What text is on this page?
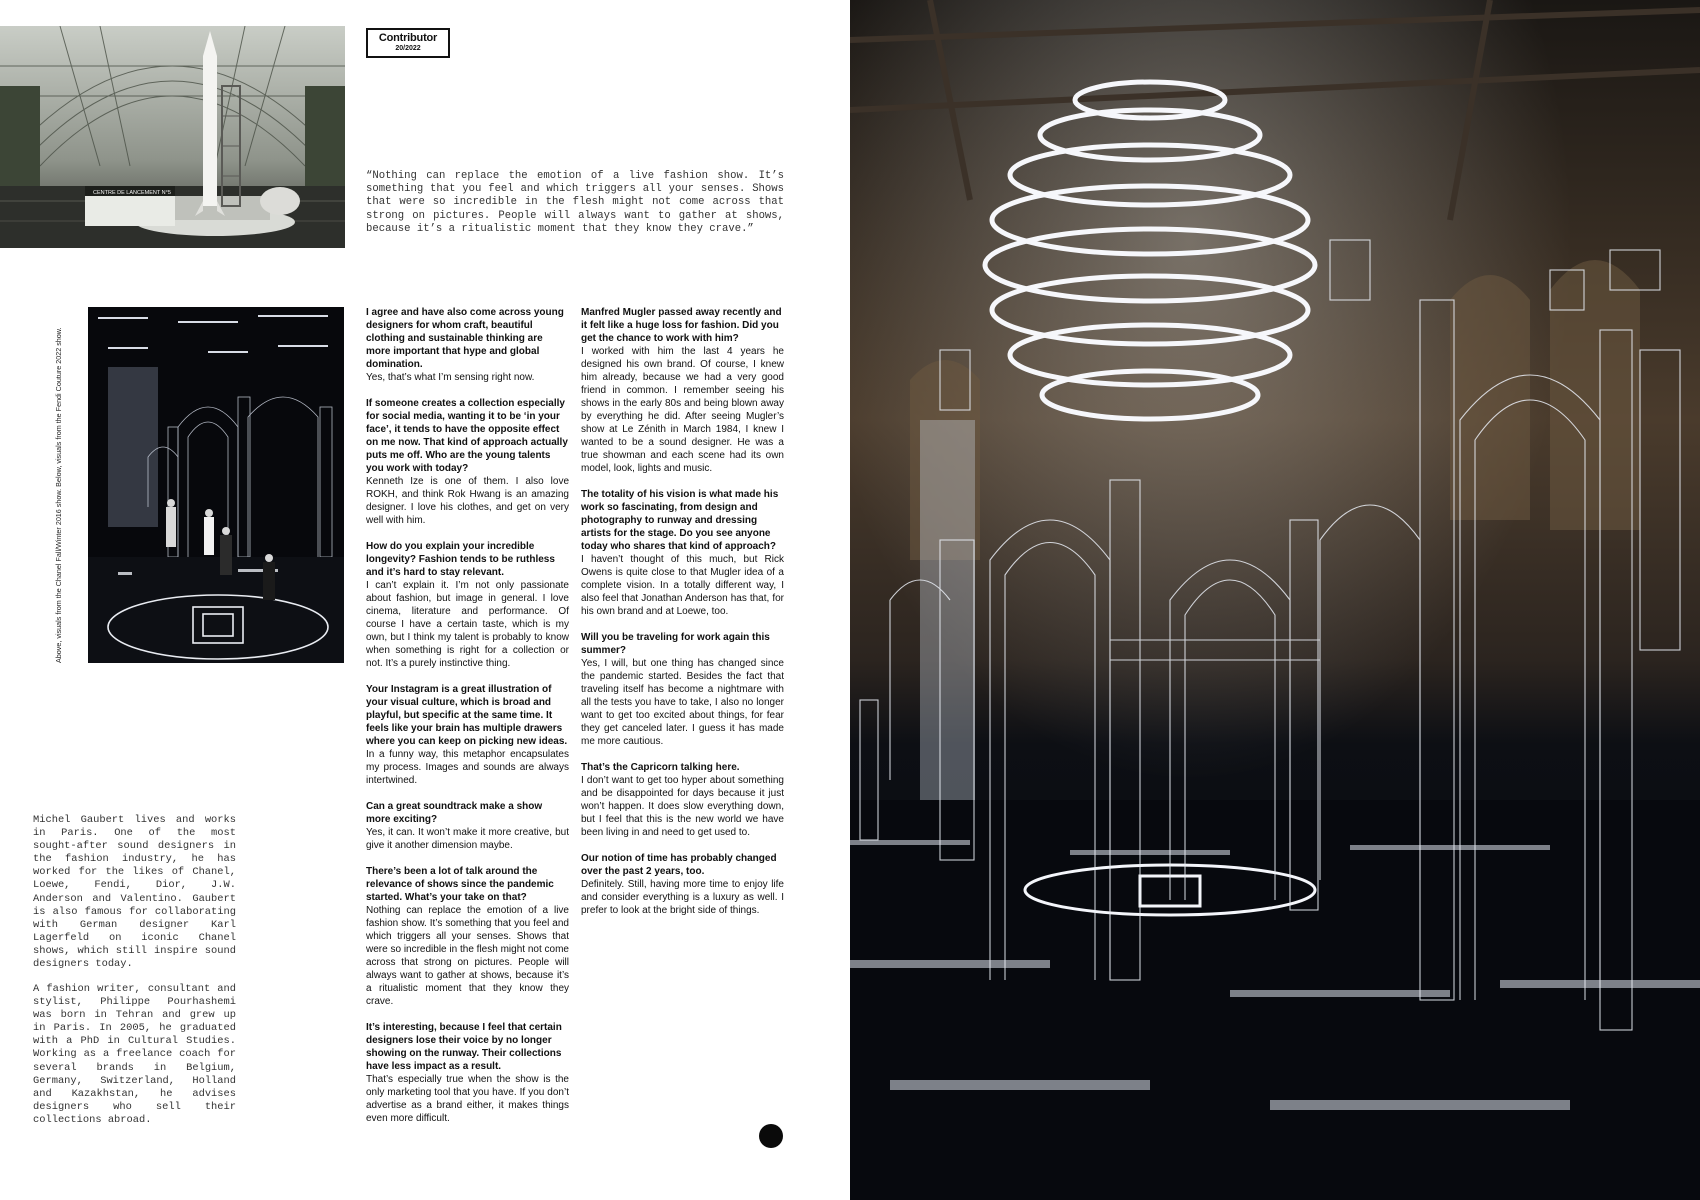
CENTRE DE LANCEMENT N°5
Contributor
20/2022
“Nothing can replace the emotion of a live fashion show. It’s something that you feel and which triggers all your senses. Shows that were so incredible in the flesh might not come across that strong on pictures. People will always want to gather at shows, because it’s a ritualistic moment that they know they crave.”
Above, visuals from the Chanel Fall/Winter 2016 show. Below, visuals from the Fendi Couture 2022 show.
I agree and have also come across young designers for whom craft, beautiful clothing and sustainable thinking are more important that hype and global domination.
Yes, that’s what I’m sensing right now.
If someone creates a collection especially for social media, wanting it to be ‘in your face’, it tends to have the opposite effect on me now. That kind of approach actually puts me off. Who are the young talents you work with today?
Kenneth Ize is one of them. I also love ROKH, and think Rok Hwang is an amazing designer. I love his clothes, and get on very well with him.
How do you explain your incredible longevity? Fashion tends to be ruthless and it’s hard to stay relevant.
I can’t explain it. I’m not only passionate about fashion, but image in general. I love cinema, literature and performance. Of course I have a certain taste, which is my own, but I think my talent is probably to know when something is right for a collection or not. It’s a purely instinctive thing.
Your Instagram is a great illustration of your visual culture, which is broad and playful, but specific at the same time. It feels like your brain has multiple drawers where you can keep on picking new ideas.
In a funny way, this metaphor encapsulates my process. Images and sounds are always intertwined.
Can a great soundtrack make a show more exciting?
Yes, it can. It won’t make it more creative, but give it another dimension maybe.
There’s been a lot of talk around the relevance of shows since the pandemic started. What’s your take on that?
Nothing can replace the emotion of a live fashion show. It’s something that you feel and which triggers all your senses. Shows that were so incredible in the flesh might not come across that strong on pictures. People will always want to gather at shows, because it’s a ritualistic moment that they know they crave.
It’s interesting, because I feel that certain designers lose their voice by no longer showing on the runway. Their collections have less impact as a result.
That’s especially true when the show is the only marketing tool that you have. If you don’t advertise as a brand either, it makes things even more difficult.
Manfred Mugler passed away recently and it felt like a huge loss for fashion. Did you get the chance to work with him?
I worked with him the last 4 years he designed his own brand. Of course, I knew him already, because we had a very good friend in common. I remember seeing his shows in the early 80s and being blown away by everything he did. After seeing Mugler’s show at Le Zénith in March 1984, I knew I wanted to be a sound designer. He was a true showman and each scene had its own model, look, lights and music.
The totality of his vision is what made his work so fascinating, from design and photography to runway and dressing artists for the stage. Do you see anyone today who shares that kind of approach?
I haven’t thought of this much, but Rick Owens is quite close to that Mugler idea of a complete vision. In a totally different way, I also feel that Jonathan Anderson has that, for his own brand and at Loewe, too.
Will you be traveling for work again this summer?
Yes, I will, but one thing has changed since the pandemic started. Besides the fact that traveling itself has become a nightmare with all the tests you have to take, I also no longer want to get too excited about things, for fear they get canceled later. I guess it has made me more cautious.
That’s the Capricorn talking here.
I don’t want to get too hyper about something and be disappointed for days because it just won’t happen. It does slow everything down, but I feel that this is the new world we have been living in and need to get used to.
Our notion of time has probably changed over the past 2 years, too.
Definitely. Still, having more time to enjoy life and consider everything is a luxury as well. I prefer to look at the bright side of things.
Michel Gaubert lives and works in Paris. One of the most sought-after sound designers in the fashion industry, he has worked for the likes of Chanel, Loewe, Fendi, Dior, J.W. Anderson and Valentino. Gaubert is also famous for collaborating with German designer Karl Lagerfeld on iconic Chanel shows, which still inspire sound designers today.
A fashion writer, consultant and stylist, Philippe Pourhashemi was born in Tehran and grew up in Paris. In 2005, he graduated with a PhD in Cultural Studies. Working as a freelance coach for several brands in Belgium, Germany, Switzerland, Holland and Kazakhstan, he advises designers who sell their collections abroad.
